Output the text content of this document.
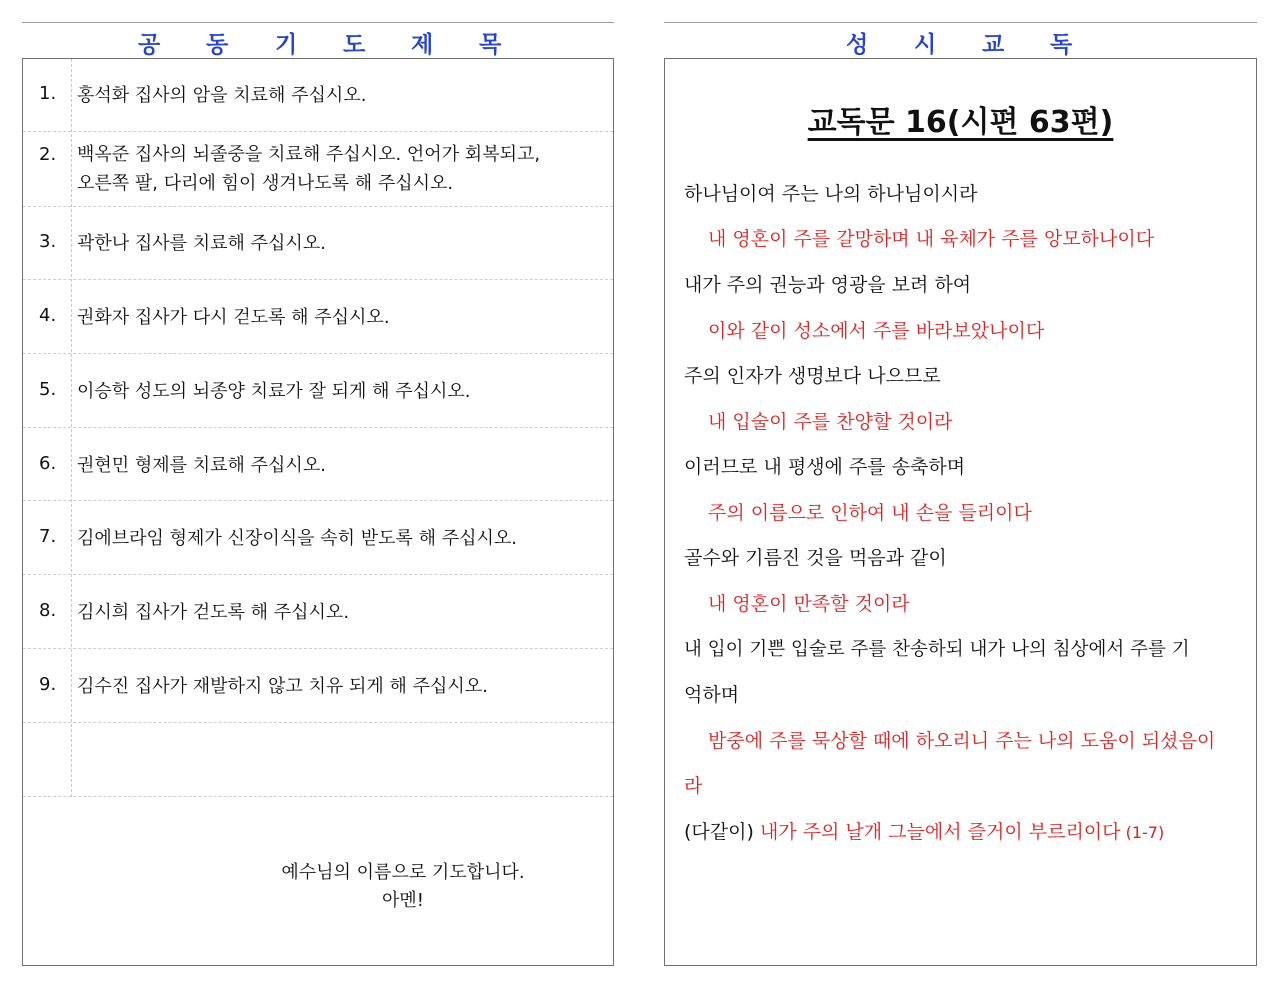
공 동 기 도 제 목
1. 홍석화 집사의 암을 치료해 주십시오.
2. 백옥준 집사의 뇌졸중을 치료해 주십시오. 언어가 회복되고,
오른쪽 팔, 다리에 힘이 생겨나도록 해 주십시오.
3. 곽한나 집사를 치료해 주십시오.
4. 권화자 집사가 다시 걷도록 해 주십시오.
5. 이승학 성도의 뇌종양 치료가 잘 되게 해 주십시오.
6. 권현민 형제를 치료해 주십시오.
7. 김에브라임 형제가 신장이식을 속히 받도록 해 주십시오.
8. 김시희 집사가 걷도록 해 주십시오.
9. 김수진 집사가 재발하지 않고 치유 되게 해 주십시오.
예수님의 이름으로 기도합니다.
아멘!
성 시 교 독
교독문 16(시편 63편)
하나님이여 주는 나의 하나님이시라
내 영혼이 주를 갈망하며 내 육체가 주를 앙모하나이다
내가 주의 권능과 영광을 보려 하여
이와 같이 성소에서 주를 바라보았나이다
주의 인자가 생명보다 나으므로
내 입술이 주를 찬양할 것이라
이러므로 내 평생에 주를 송축하며
주의 이름으로 인하여 내 손을 들리이다
골수와 기름진 것을 먹음과 같이
내 영혼이 만족할 것이라
내 입이 기쁜 입술로 주를 찬송하되 내가 나의 침상에서 주를 기
억하며
밤중에 주를 묵상할 때에 하오리니 주는 나의 도움이 되셨음이
라
(다같이) 내가 주의 날개 그늘에서 즐거이 부르리이다 (1-7)
